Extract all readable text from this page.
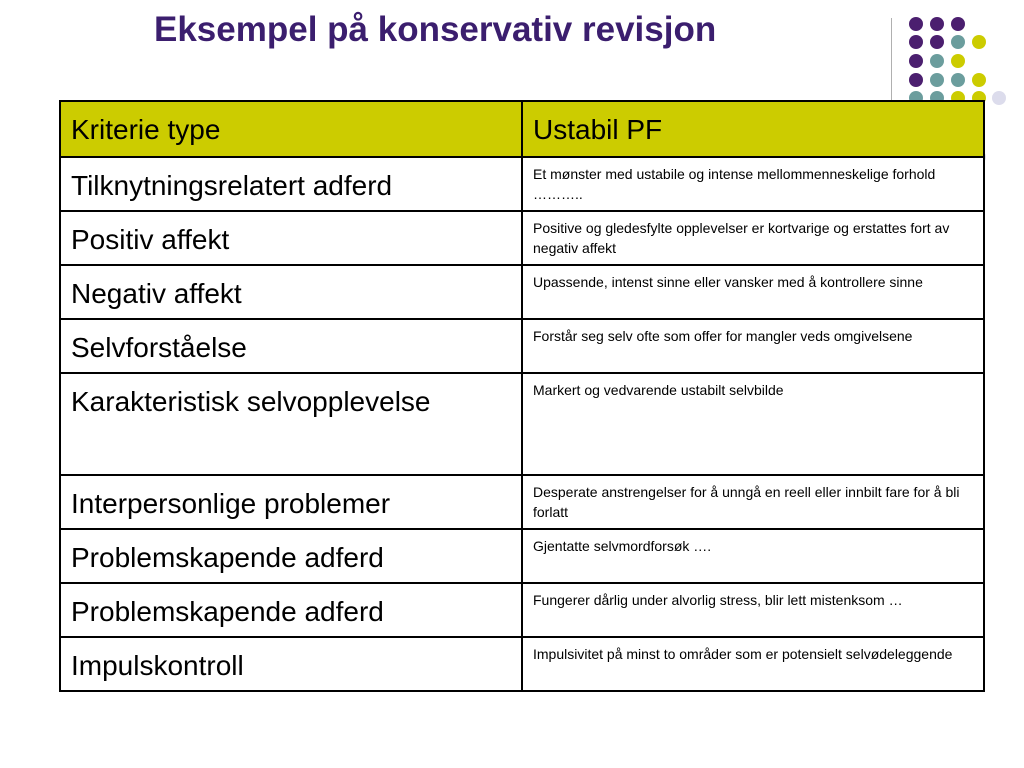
Eksempel på konservativ revisjon
Kriterie type	Ustabil PF

Tilknytningsrelatert adferd	Et mønster med ustabile og intense mellommenneskelige forhold ………..

Positiv affekt	Positive og gledesfylte opplevelser er kortvarige og erstattes fort av negativ affekt

Negativ affekt	Upassende, intenst sinne eller vansker med å kontrollere sinne

Selvforståelse	Forstår seg selv ofte som offer for mangler veds omgivelsene

Karakteristisk selvopplevelse	Markert og vedvarende ustabilt selvbilde

Interpersonlige problemer	Desperate anstrengelser for å unngå en reell eller innbilt fare for å bli forlatt

Problemskapende adferd	Gjentatte selvmordforsøk ….

Problemskapende adferd	Fungerer dårlig under alvorlig stress, blir lett mistenksom …

Impulskontroll	Impulsivitet på minst to områder som er potensielt selvødeleggende
